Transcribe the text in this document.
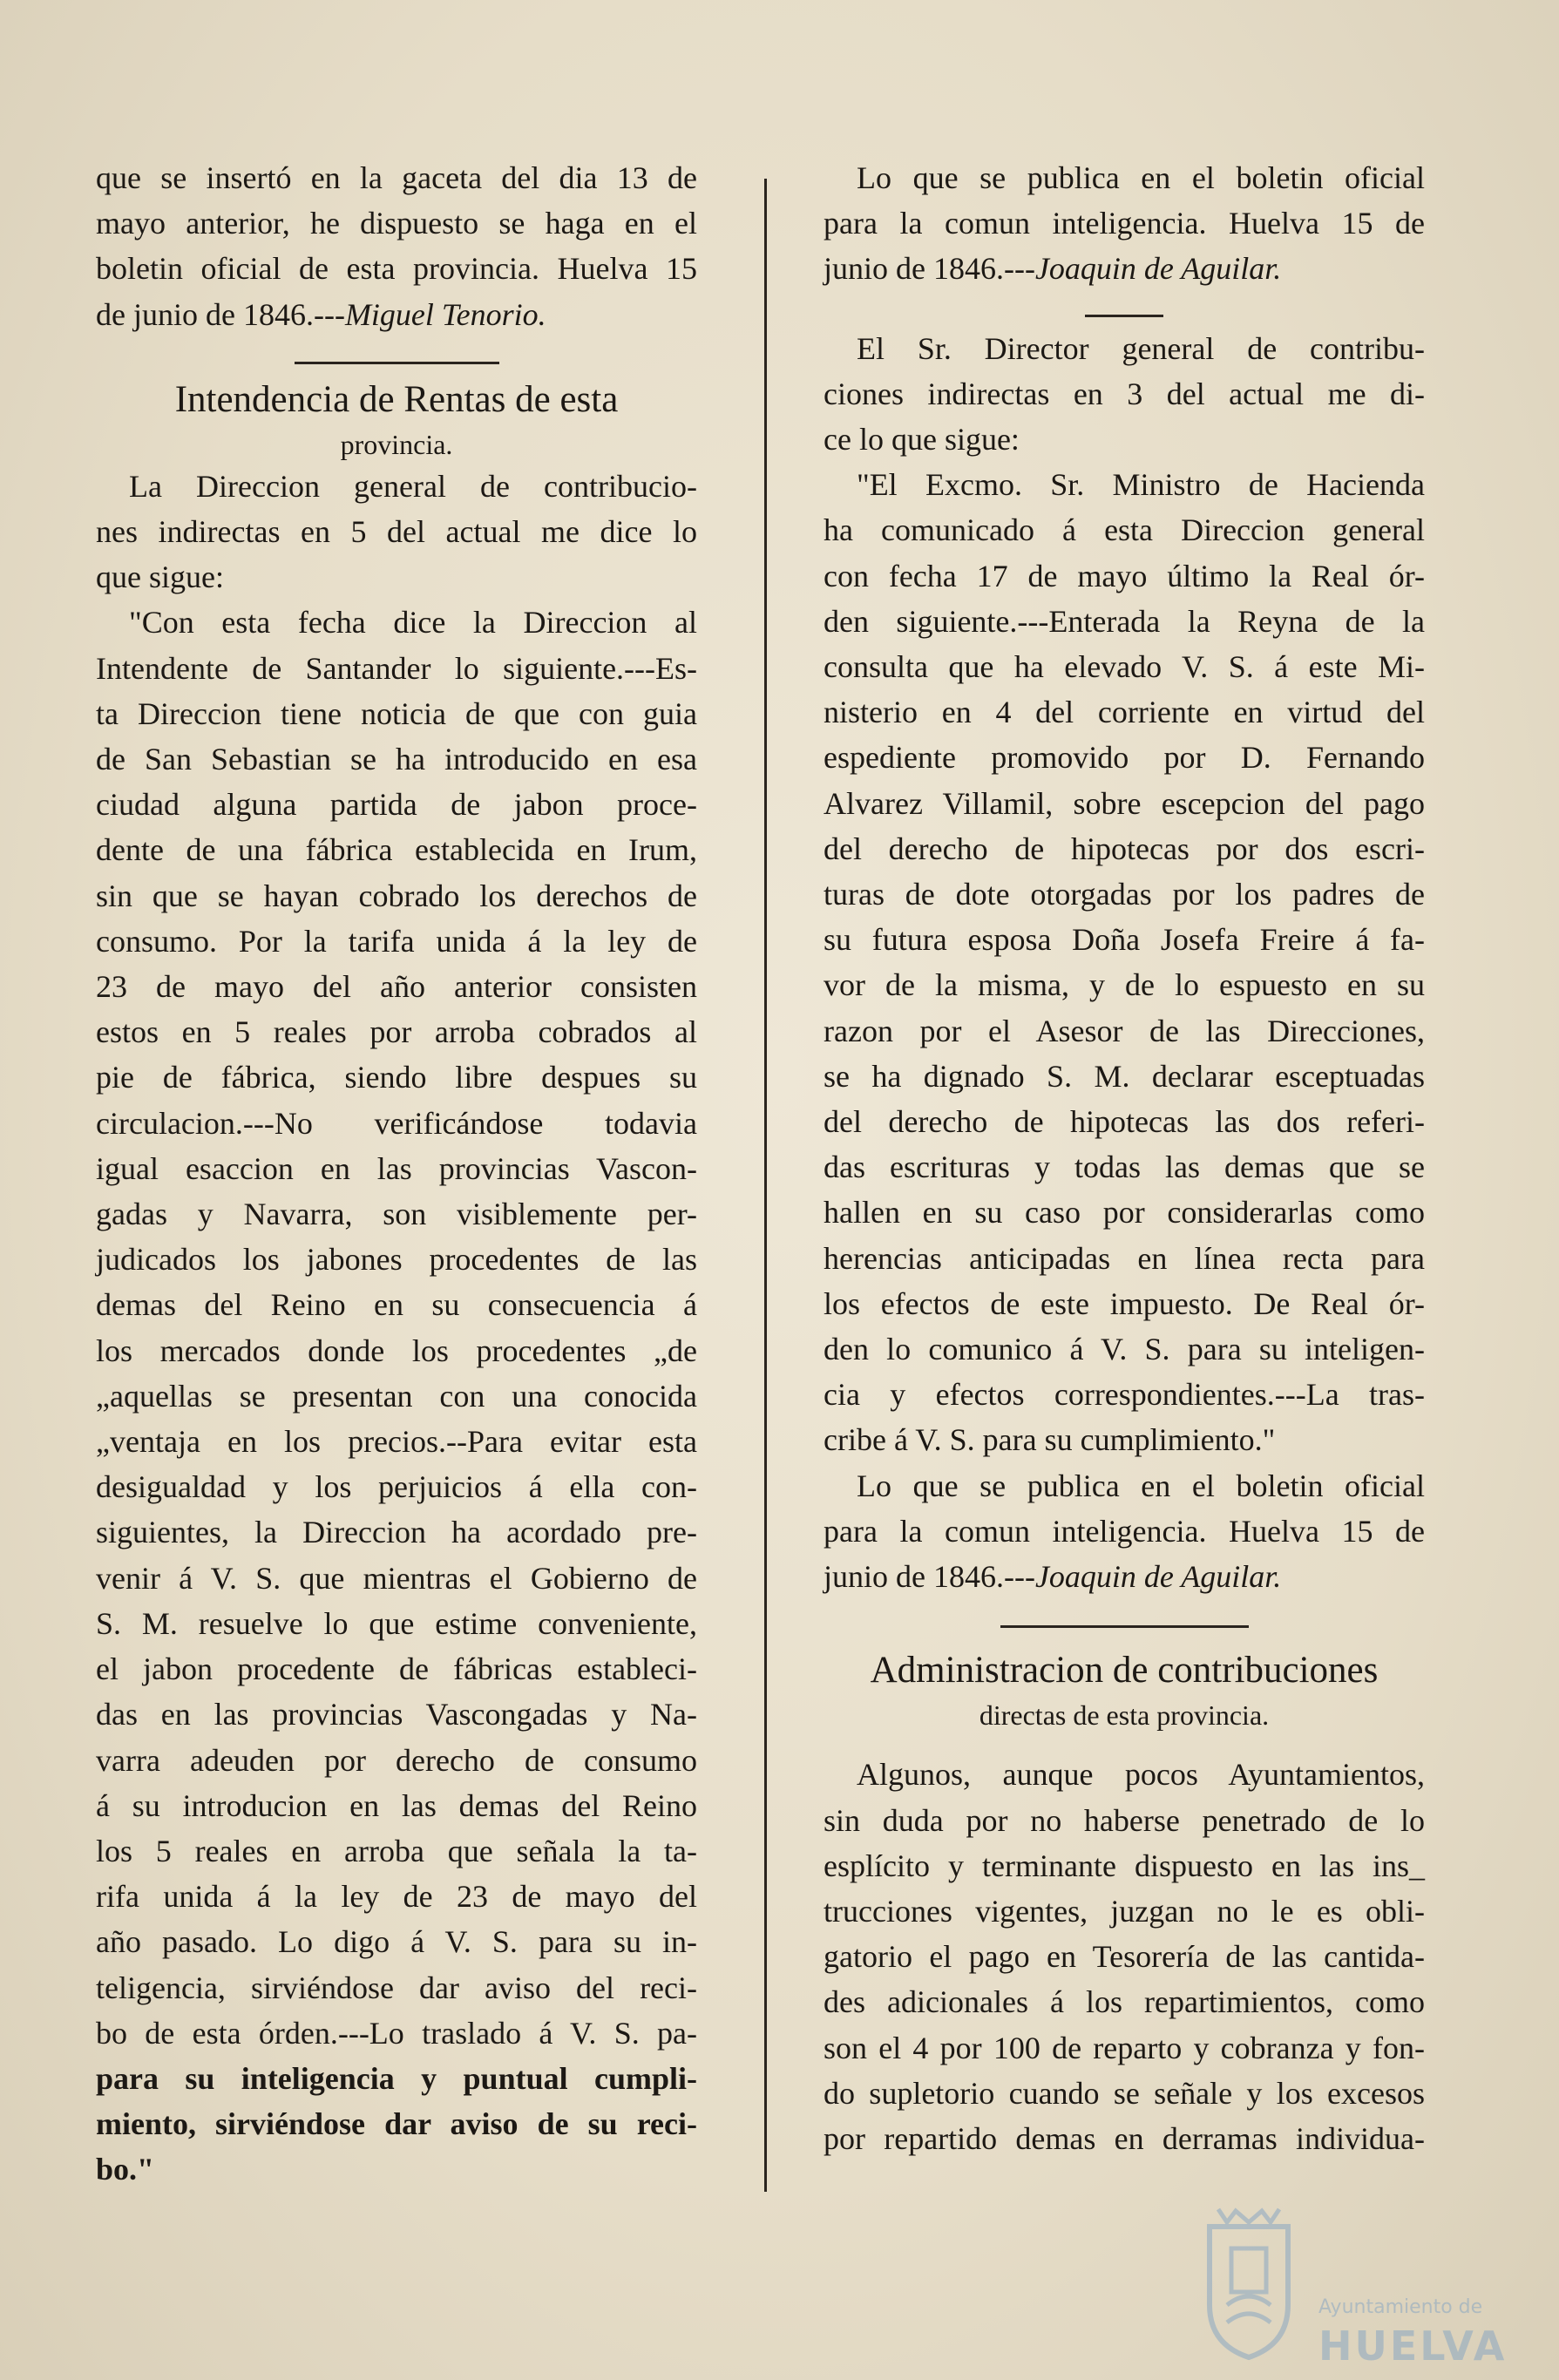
que se insertó en la gaceta del dia 13 de
mayo anterior, he dispuesto se haga en el
boletin oficial de esta provincia. Huelva 15
de junio de 1846.---Miguel Tenorio.
Intendencia de Rentas de esta
provincia.
La Direccion general de contribucio-
nes indirectas en 5 del actual me dice lo
que sigue:
"Con esta fecha dice la Direccion al
Intendente de Santander lo siguiente.---Es-
ta Direccion tiene noticia de que con guia
de San Sebastian se ha introducido en esa
ciudad alguna partida de jabon proce-
dente de una fábrica establecida en Irum,
sin que se hayan cobrado los derechos de
consumo. Por la tarifa unida á la ley de
23 de mayo del año anterior consisten
estos en 5 reales por arroba cobrados al
pie de fábrica, siendo libre despues su
circulacion.---No verificándose todavia
igual esaccion en las provincias Vascon-
gadas y Navarra, son visiblemente per-
judicados los jabones procedentes de las
demas del Reino en su consecuencia á
los mercados donde los procedentes „de
„aquellas se presentan con una conocida
„ventaja en los precios.--Para evitar esta
desigualdad y los perjuicios á ella con-
siguientes, la Direccion ha acordado pre-
venir á V. S. que mientras el Gobierno de
S. M. resuelve lo que estime conveniente,
el jabon procedente de fábricas estableci-
das en las provincias Vascongadas y Na-
varra adeuden por derecho de consumo
á su introducion en las demas del Reino
los 5 reales en arroba que señala la ta-
rifa unida á la ley de 23 de mayo del
año pasado. Lo digo á V. S. para su in-
teligencia, sirviéndose dar aviso del reci-
bo de esta órden.---Lo traslado á V. S. pa-
para su inteligencia y puntual cumpli-
miento, sirviéndose dar aviso de su reci-
bo."
Lo que se publica en el boletin oficial
para la comun inteligencia. Huelva 15 de
junio de 1846.---Joaquin de Aguilar.
El Sr. Director general de contribu-
ciones indirectas en 3 del actual me di-
ce lo que sigue:
"El Excmo. Sr. Ministro de Hacienda
ha comunicado á esta Direccion general
con fecha 17 de mayo último la Real ór-
den siguiente.---Enterada la Reyna de la
consulta que ha elevado V. S. á este Mi-
nisterio en 4 del corriente en virtud del
espediente promovido por D. Fernando
Alvarez Villamil, sobre escepcion del pago
del derecho de hipotecas por dos escri-
turas de dote otorgadas por los padres de
su futura esposa Doña Josefa Freire á fa-
vor de la misma, y de lo espuesto en su
razon por el Asesor de las Direcciones,
se ha dignado S. M. declarar esceptuadas
del derecho de hipotecas las dos referi-
das escrituras y todas las demas que se
hallen en su caso por considerarlas como
herencias anticipadas en línea recta para
los efectos de este impuesto. De Real ór-
den lo comunico á V. S. para su inteligen-
cia y efectos correspondientes.---La tras-
cribe á V. S. para su cumplimiento."
Lo que se publica en el boletin oficial
para la comun inteligencia. Huelva 15 de
junio de 1846.---Joaquin de Aguilar.
Administracion de contribuciones
directas de esta provincia.
Algunos, aunque pocos Ayuntamientos,
sin duda por no haberse penetrado de lo
esplícito y terminante dispuesto en las ins_
trucciones vigentes, juzgan no le es obli-
gatorio el pago en Tesorería de las cantida-
des adicionales á los repartimientos, como
son el 4 por 100 de reparto y cobranza y fon-
do supletorio cuando se señale y los excesos
por repartido demas en derramas individua-
Ayuntamiento de
HUELVA
